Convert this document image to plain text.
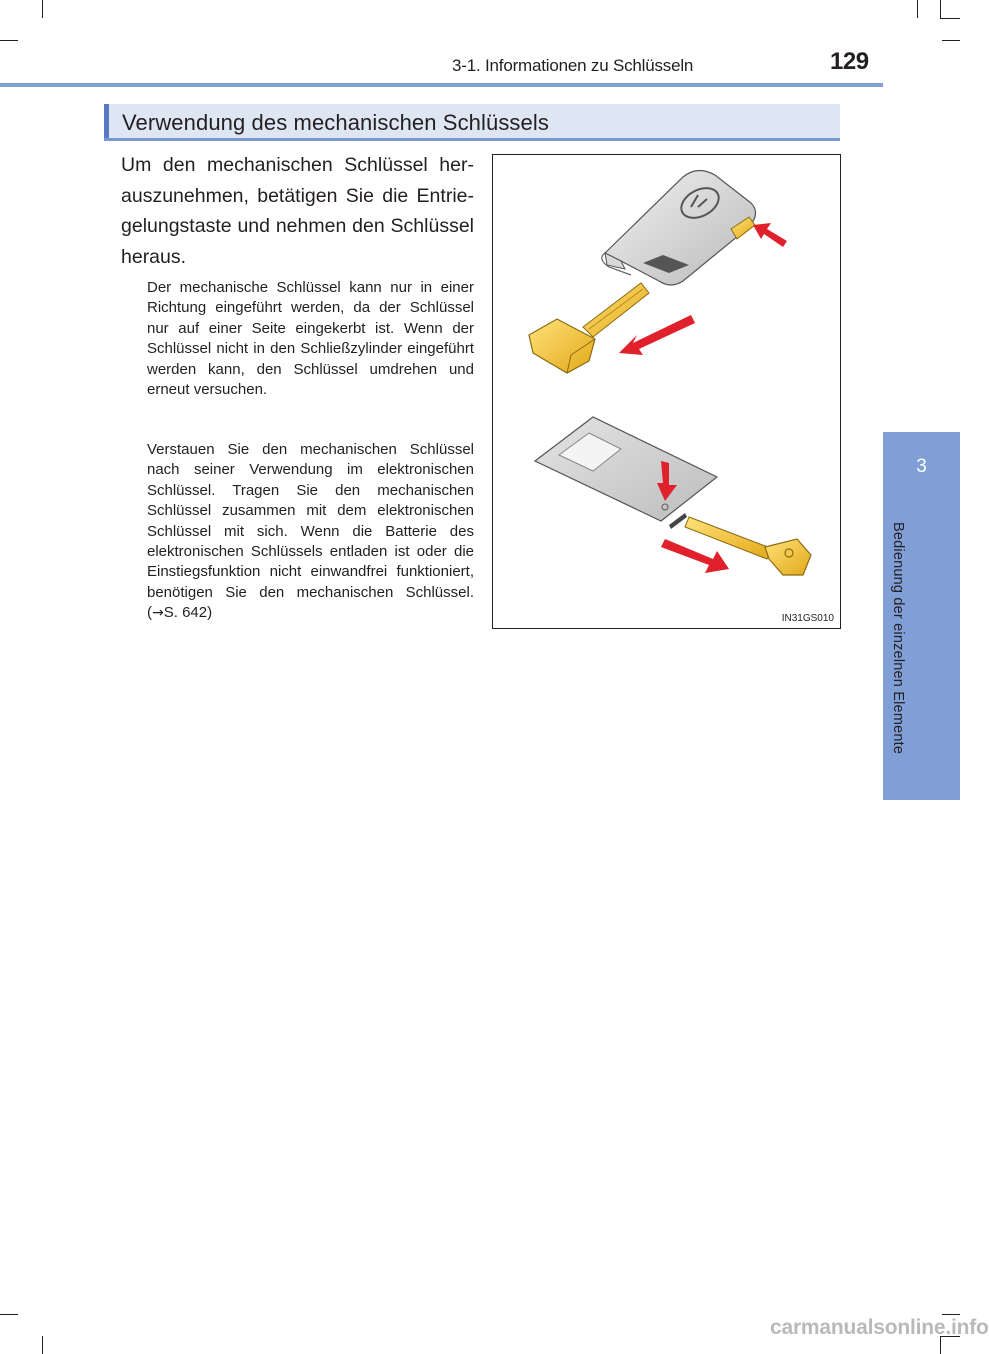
3-1. Informationen zu Schlüsseln	129
Verwendung des mechanischen Schlüssels

Um den mechanischen Schlüssel herauszunehmen, betätigen Sie die Entriegelungstaste und nehmen den Schlüssel heraus.

Der mechanische Schlüssel kann nur in einer Richtung eingeführt werden, da der Schlüssel nur auf einer Seite eingekerbt ist. Wenn der Schlüssel nicht in den Schließzylinder eingeführt werden kann, den Schlüssel umdrehen und erneut versuchen.

Verstauen Sie den mechanischen Schlüssel nach seiner Verwendung im elektronischen Schlüssel. Tragen Sie den mechanischen Schlüssel zusammen mit dem elektronischen Schlüssel mit sich. Wenn die Batterie des elektronischen Schlüssels entladen ist oder die Einstiegsfunktion nicht einwandfrei funktioniert, benötigen Sie den mechanischen Schlüssel. (→S. 642)	IN31GS010
3
Bedienung der einzelnen Elemente
carmanualsonline.info
